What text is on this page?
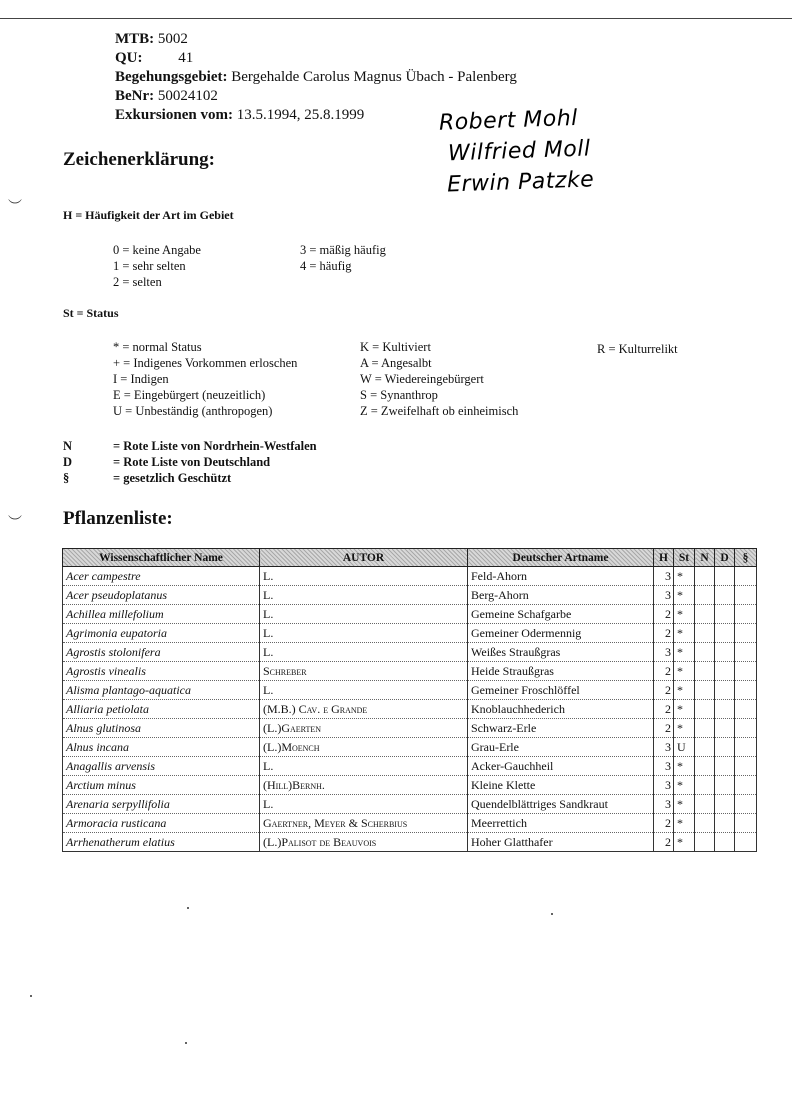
MTB: 5002
QU: 41
Begehungsgebiet: Bergehalde Carolus Magnus Übach - Palenberg
BeNr: 50024102
Exkursionen vom: 13.5.1994, 25.8.1999	Robert Mohl
Wilfried Moll
Erwin Patzke
Zeichenerklärung:
H = Häufigkeit der Art im Gebiet
0 = keine Angabe
1 = sehr selten
2 = selten
3 = mäßig häufig
4 = häufig
St = Status
* = normal Status
+ = Indigenes Vorkommen erloschen
I = Indigen
E = Eingebürgert (neuzeitlich)
U = Unbeständig (anthropogen)
K = Kultiviert
A = Angesalbt
W = Wiedereingebürgert
S = Synanthrop
Z = Zweifelhaft ob einheimisch
R = Kulturrelikt
N	= Rote Liste von Nordrhein-Westfalen
D	= Rote Liste von Deutschland
§	= gesetzlich Geschützt
Pflanzenliste:
Wissenschaftlicher Name	AUTOR	Deutscher Artname	H	St	N	D	§
Acer campestre	L.	Feld-Ahorn	3	*			
Acer pseudoplatanus	L.	Berg-Ahorn	3	*			
Achillea millefolium	L.	Gemeine Schafgarbe	2	*			
Agrimonia eupatoria	L.	Gemeiner Odermennig	2	*			
Agrostis stolonifera	L.	Weißes Straußgras	3	*			
Agrostis vinealis	Schreber	Heide Straußgras	2	*			
Alisma plantago-aquatica	L.	Gemeiner Froschlöffel	2	*			
Alliaria petiolata	(M.B.) Cav. e Grande	Knoblauchhederich	2	*			
Alnus glutinosa	(L.)Gaerten	Schwarz-Erle	2	*			
Alnus incana	(L.)Moench	Grau-Erle	3	U			
Anagallis arvensis	L.	Acker-Gauchheil	3	*			
Arctium minus	(Hill)Bernh.	Kleine Klette	3	*			
Arenaria serpyllifolia	L.	Quendelblättriges Sandkraut	3	*			
Armoracia rusticana	Gaertner, Meyer & Scherbius	Meerrettich	2	*			
Arrhenatherum elatius	(L.)Palisot de Beauvois	Hoher Glatthafer	2	*			
︶
︶
